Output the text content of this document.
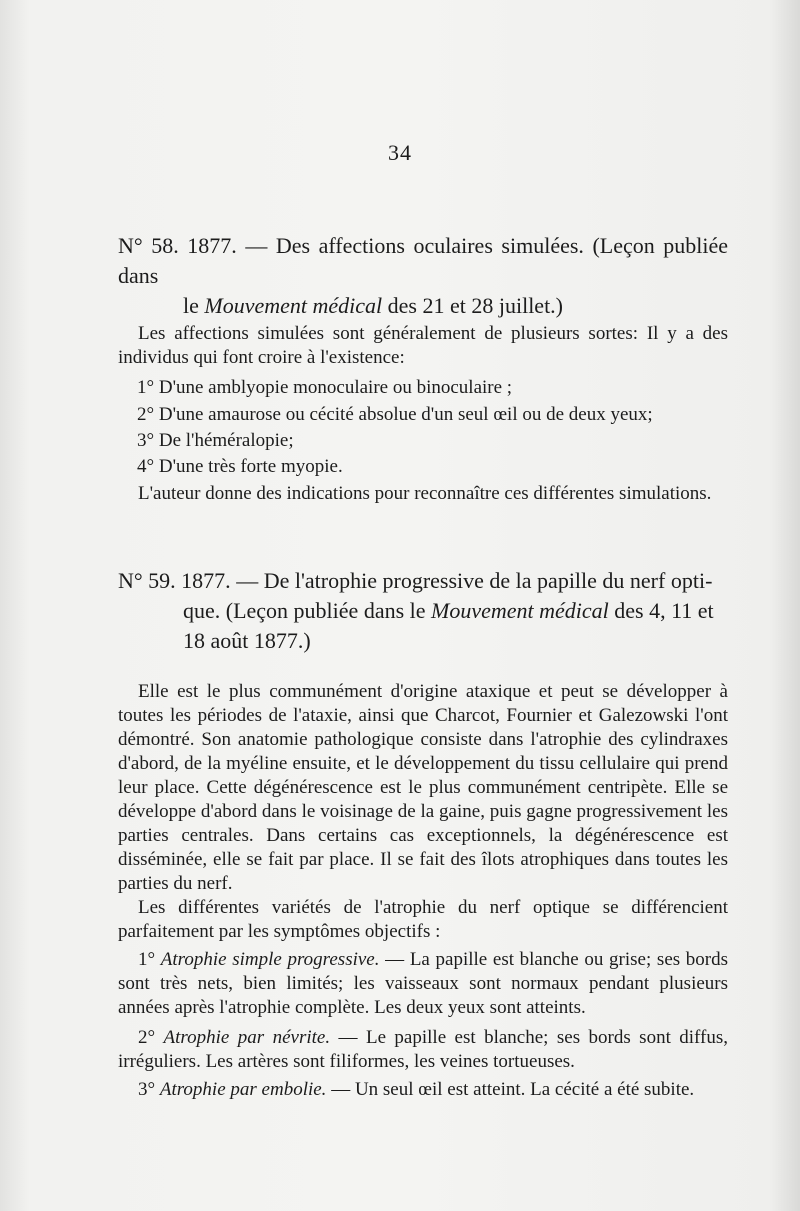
34
N° 58. 1877. — Des affections oculaires simulées. (Leçon publiée dans
le Mouvement médical des 21 et 28 juillet.)
Les affections simulées sont généralement de plusieurs sortes: Il y a des individus qui font croire à l'existence:
1° D'une amblyopie monoculaire ou binoculaire ;
2° D'une amaurose ou cécité absolue d'un seul œil ou de deux yeux;
3° De l'héméralopie;
4° D'une très forte myopie.
L'auteur donne des indications pour reconnaître ces différentes simulations.
N° 59. 1877. — De l'atrophie progressive de la papille du nerf opti-
que. (Leçon publiée dans le Mouvement médical des 4, 11 et
18 août 1877.)
Elle est le plus communément d'origine ataxique et peut se développer à toutes les périodes de l'ataxie, ainsi que Charcot, Fournier et Galezowski l'ont démontré. Son anatomie pathologique consiste dans l'atrophie des cylindraxes d'abord, de la myéline ensuite, et le développement du tissu cellulaire qui prend leur place. Cette dégénérescence est le plus communément centripète. Elle se développe d'abord dans le voisinage de la gaine, puis gagne progressivement les parties centrales. Dans certains cas exceptionnels, la dégénérescence est disséminée, elle se fait par place. Il se fait des îlots atrophiques dans toutes les parties du nerf.
Les différentes variétés de l'atrophie du nerf optique se différencient parfaitement par les symptômes objectifs :
1° Atrophie simple progressive. — La papille est blanche ou grise; ses bords sont très nets, bien limités; les vaisseaux sont normaux pendant plusieurs années après l'atrophie complète. Les deux yeux sont atteints.
2° Atrophie par névrite. — Le papille est blanche; ses bords sont diffus, irréguliers. Les artères sont filiformes, les veines tortueuses.
3° Atrophie par embolie. — Un seul œil est atteint. La cécité a été subite.
